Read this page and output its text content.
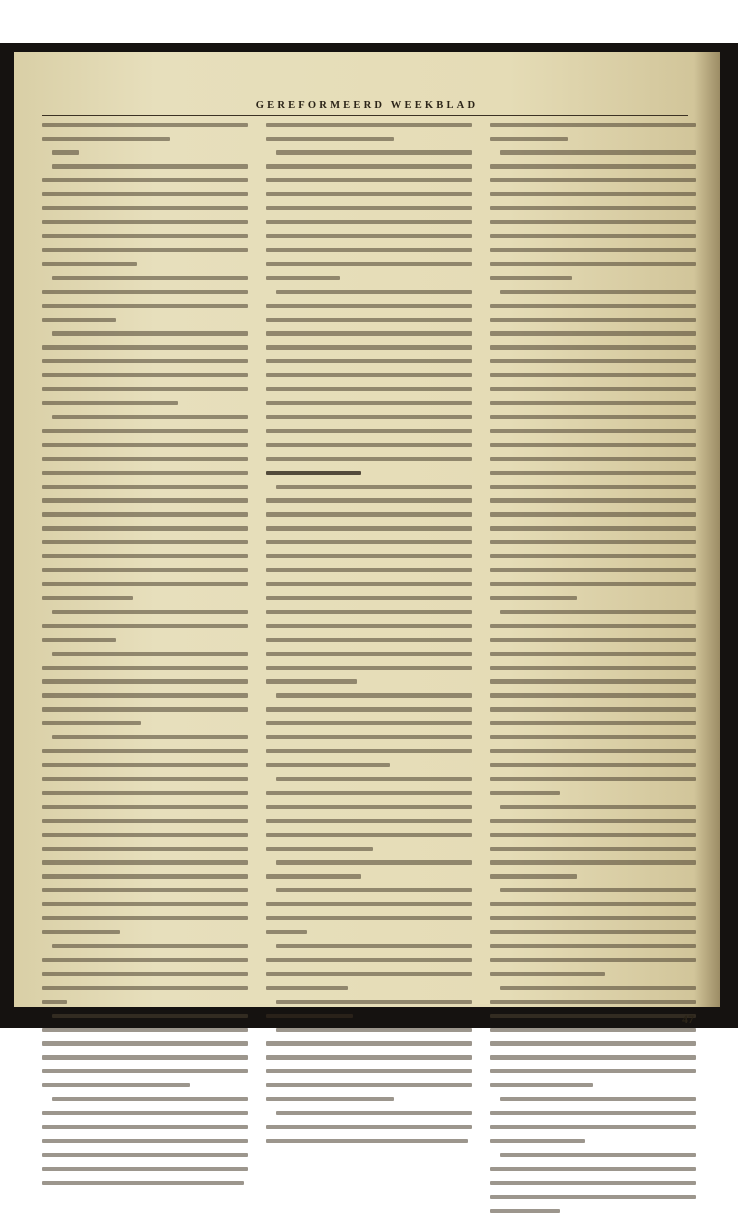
GEREFORMEERD WEEKBLAD
47
